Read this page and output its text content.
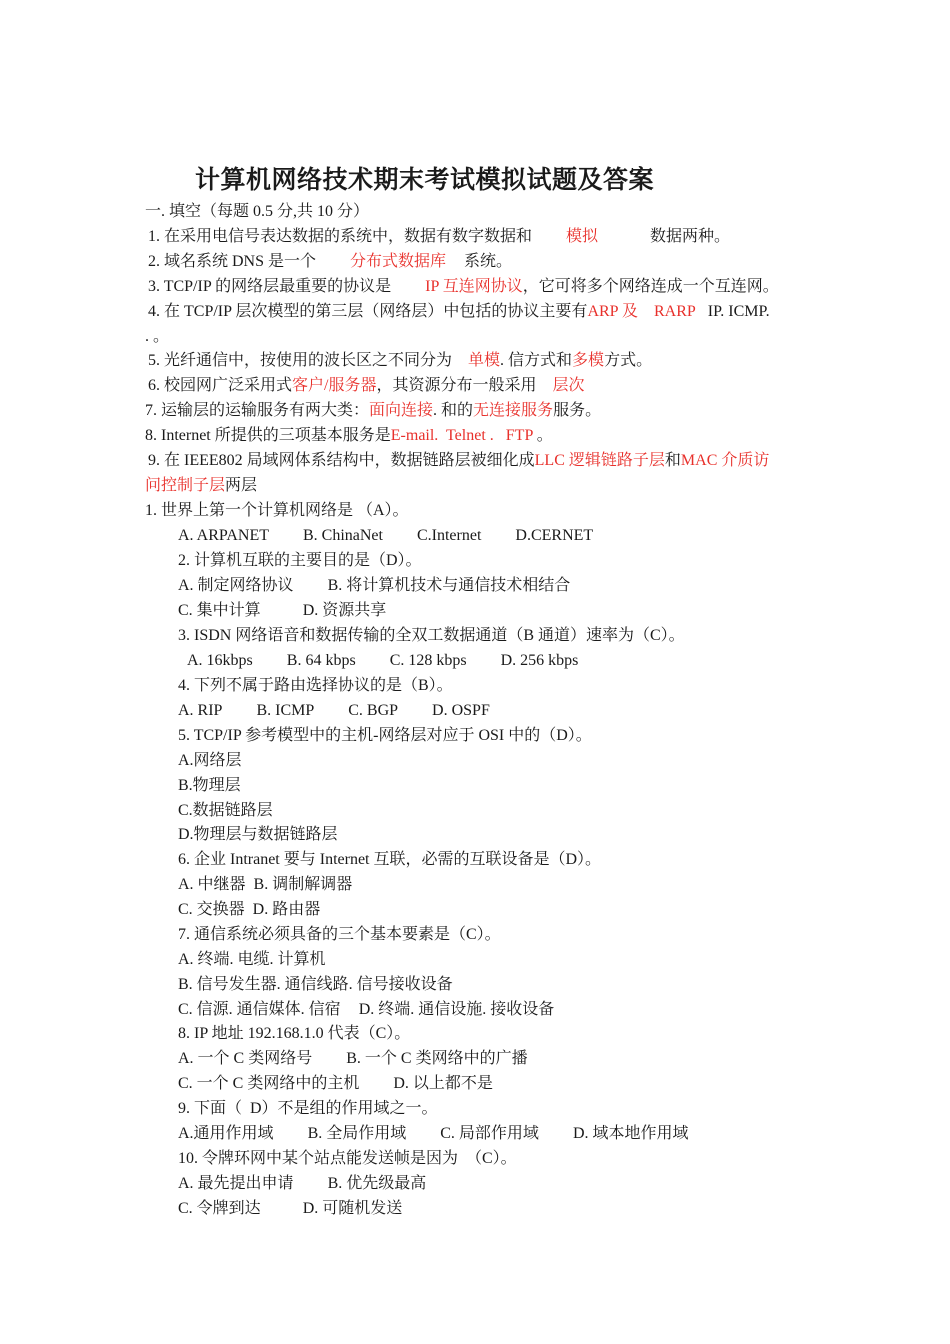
计算机网络技术期末考试模拟试题及答案
一. 填空（每题 0.5 分,共 10 分）
1. 在采用电信号表达数据的系统中，数据有数字数据和 模拟	数据两种。
2. 域名系统 DNS 是一个 分布式数据库 系统。
3. TCP/IP 的网络层最重要的协议是 IP 互连网协议，它可将多个网络连成一个互连网。
4. 在 TCP/IP 层次模型的第三层（网络层）中包括的协议主要有ARP 及 RARP IP. ICMP.
. 。
5. 光纤通信中，按使用的波长区之不同分为 单模. 信方式和多模方式。
6. 校园网广泛采用式客户/服务器，其资源分布一般采用 层次
7. 运输层的运输服务有两大类：面向连接. 和的无连接服务服务。
8. Internet 所提供的三项基本服务是E-mail.  Telnet .   FTP 。
9. 在 IEEE802 局域网体系结构中，数据链路层被细化成LLC 逻辑链路子层和MAC 介质访
问控制子层两层
1. 世界上第一个计算机网络是 （A）。
A. ARPANET B. ChinaNet C.Internet D.CERNET
2. 计算机互联的主要目的是（D）。
A. 制定网络协议 B. 将计算机技术与通信技术相结合
C. 集中计算	D. 资源共享
3. ISDN 网络语音和数据传输的全双工数据通道（B 通道）速率为（C）。
A. 16kbps B. 64 kbps C. 128 kbps D. 256 kbps
4. 下列不属于路由选择协议的是（B）。
A. RIP B. ICMP C. BGP D. OSPF
5. TCP/IP 参考模型中的主机-网络层对应于 OSI 中的（D）。
A.网络层
B.物理层
C.数据链路层
D.物理层与数据链路层
6. 企业 Intranet 要与 Internet 互联，必需的互联设备是（D）。
A. 中继器  B. 调制解调器
C. 交换器  D. 路由器
7. 通信系统必须具备的三个基本要素是（C）。
A. 终端. 电缆. 计算机
B. 信号发生器. 通信线路. 信号接收设备
C. 信源. 通信媒体. 信宿 D. 终端. 通信设施. 接收设备
8. IP 地址 192.168.1.0 代表（C）。
A. 一个 C 类网络号 B. 一个 C 类网络中的广播
C. 一个 C 类网络中的主机 D. 以上都不是
9. 下面（  D）不是组的作用域之一。
A.通用作用域 B. 全局作用域 C. 局部作用域 D. 域本地作用域
10. 令牌环网中某个站点能发送帧是因为  （C）。
A. 最先提出申请 B. 优先级最高
C. 令牌到达	D. 可随机发送
